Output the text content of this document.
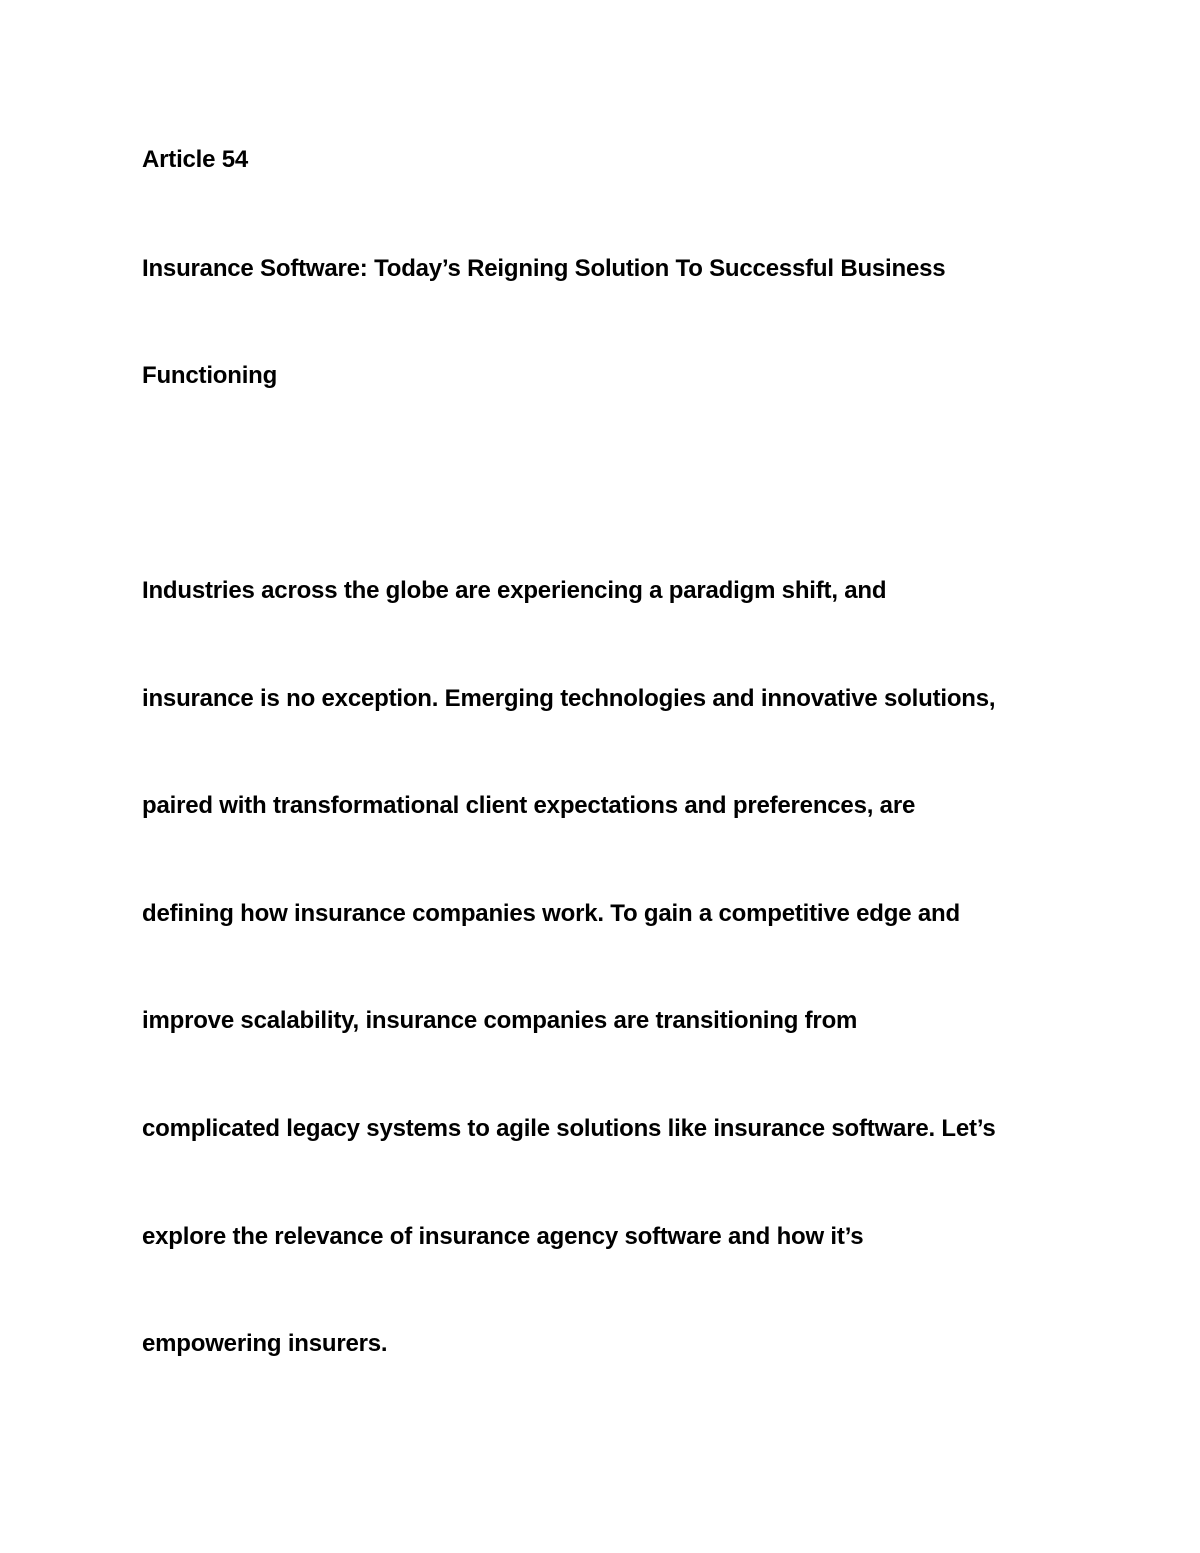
Article 54
Insurance Software: Today’s Reigning Solution To Successful Business
Functioning
Industries across the globe are experiencing a paradigm shift, and
insurance is no exception. Emerging technologies and innovative solutions,
paired with transformational client expectations and preferences, are
defining how insurance companies work. To gain a competitive edge and
improve scalability, insurance companies are transitioning from
complicated legacy systems to agile solutions like insurance software. Let’s
explore the relevance of insurance agency software and how it’s
empowering insurers.
